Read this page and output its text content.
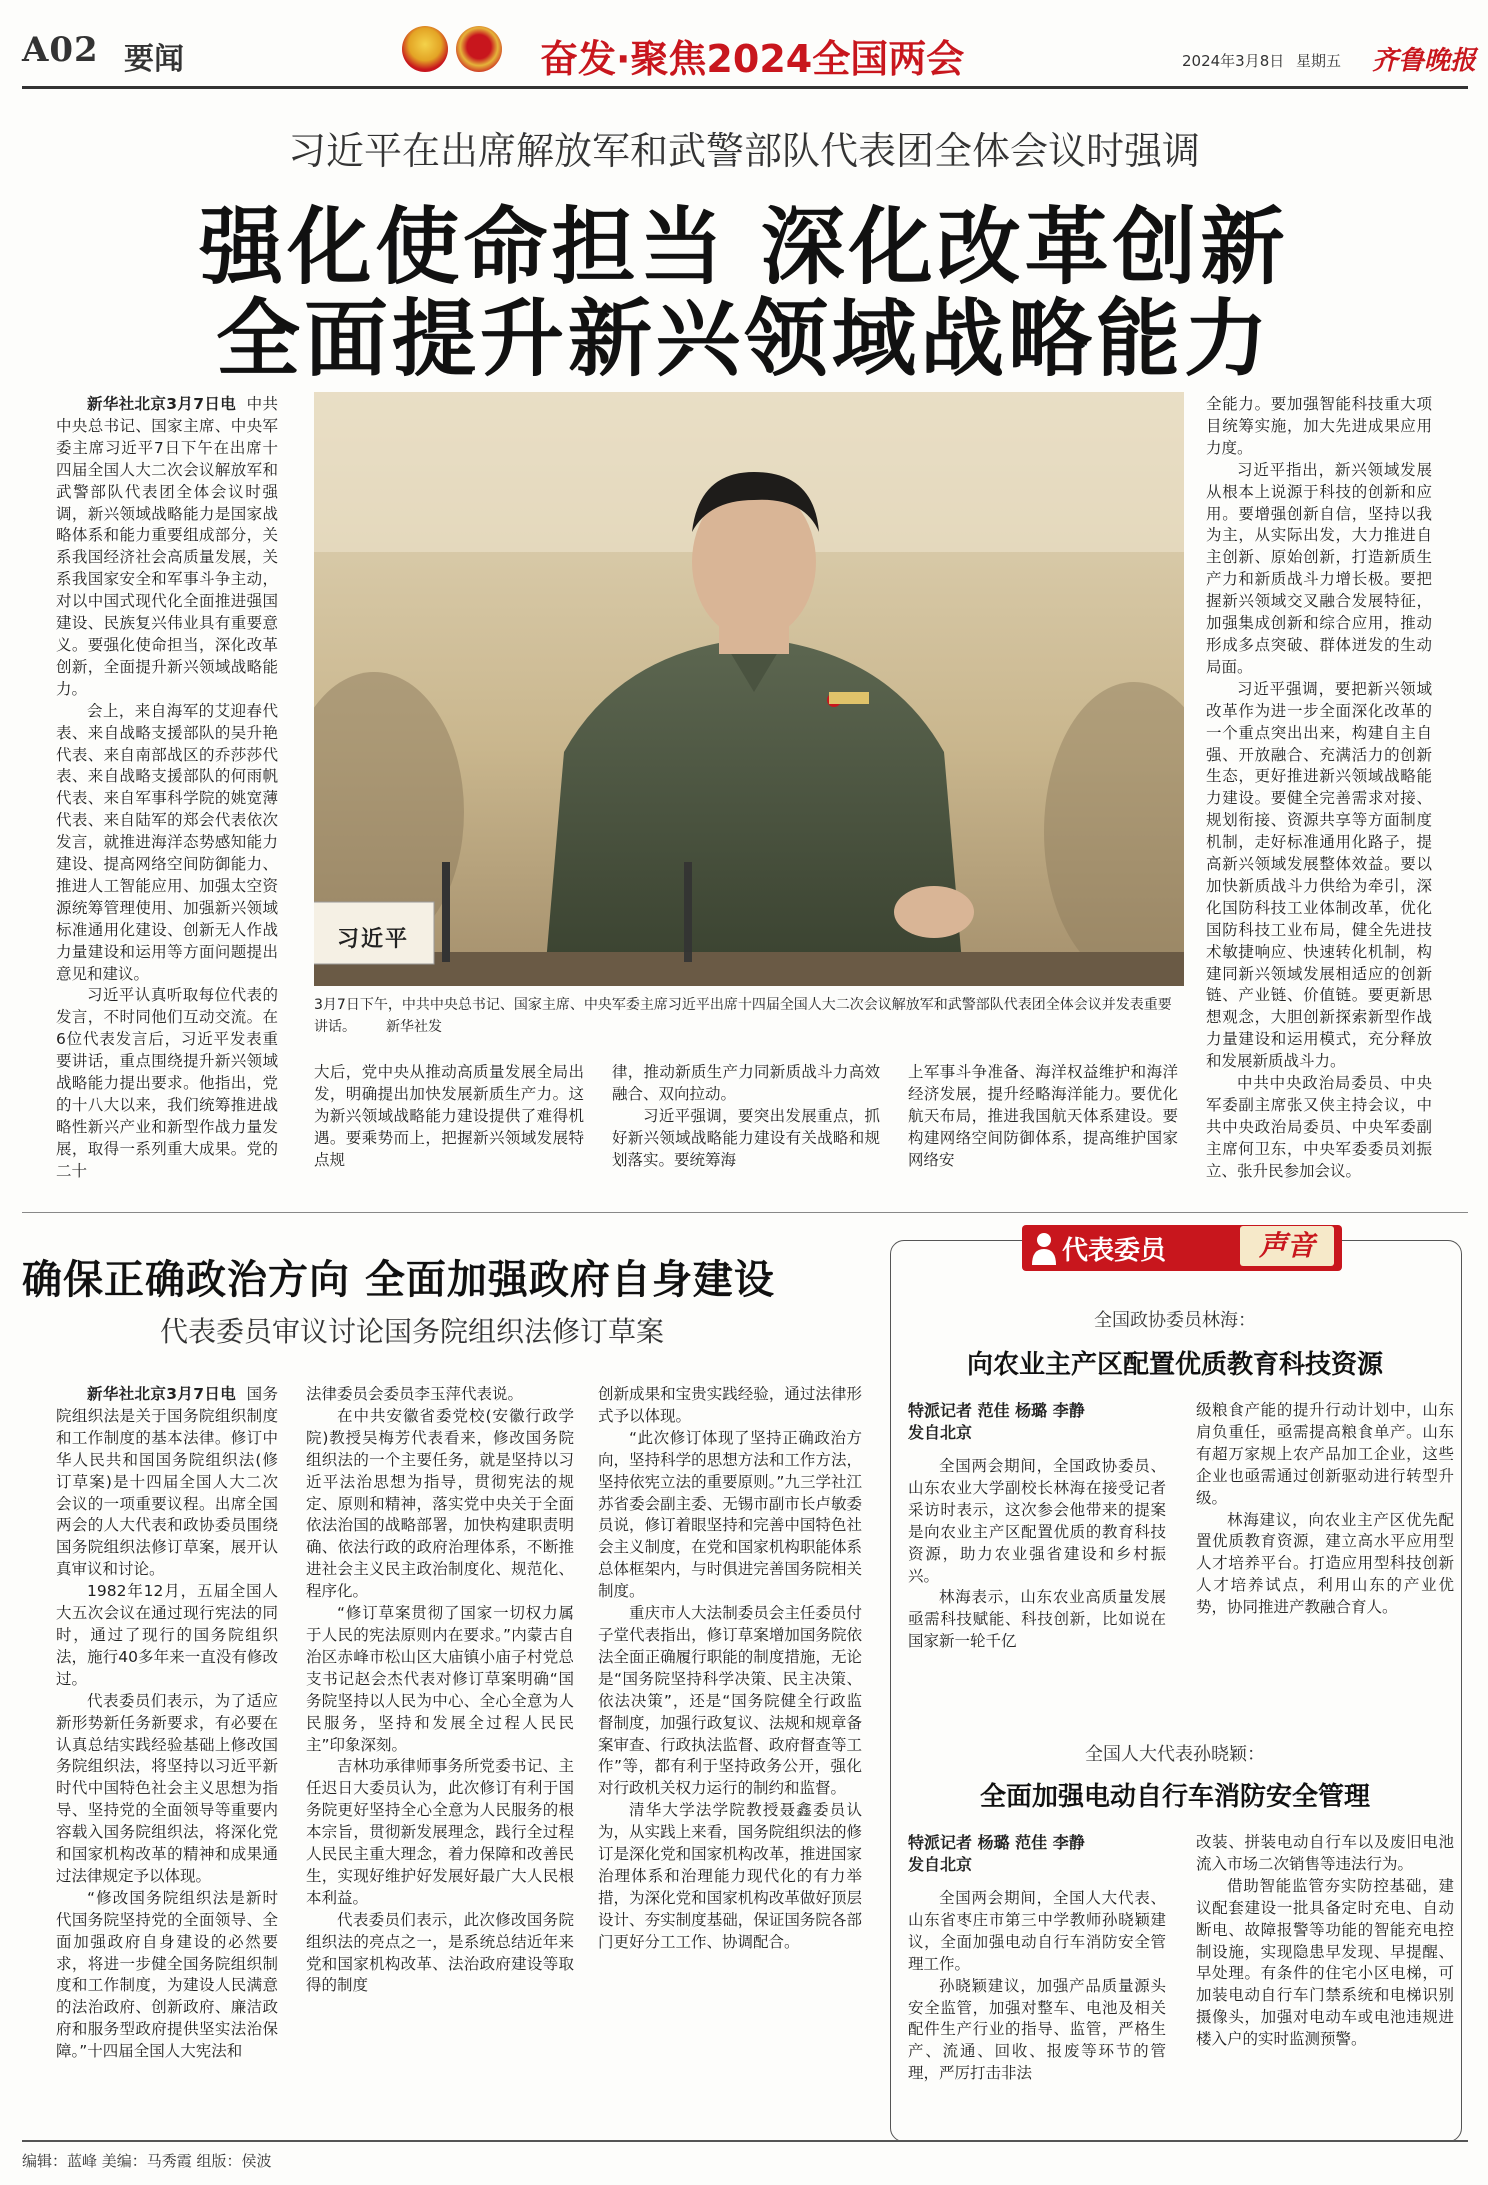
A02 要闻	奋发·聚焦2024全国两会	2024年3月8日 星期五 齐鲁晚报
习近平在出席解放军和武警部队代表团全体会议时强调
强化使命担当 深化改革创新
全面提升新兴领域战略能力

新华社北京3月7日电 中共中央总书记、国家主席、中央军委主席习近平7日下午在出席十四届全国人大二次会议解放军和武警部队代表团全体会议时强调，新兴领域战略能力是国家战略体系和能力重要组成部分，关系我国经济社会高质量发展，关系我国家安全和军事斗争主动，对以中国式现代化全面推进强国建设、民族复兴伟业具有重要意义。要强化使命担当，深化改革创新，全面提升新兴领域战略能力。

会上，来自海军的艾迎春代表、来自战略支援部队的吴升艳代表、来自南部战区的乔莎莎代表、来自战略支援部队的何雨帆代表、来自军事科学院的姚宽薄代表、来自陆军的郑会代表依次发言，就推进海洋态势感知能力建设、提高网络空间防御能力、推进人工智能应用、加强太空资源统筹管理使用、加强新兴领域标准通用化建设、创新无人作战力量建设和运用等方面问题提出意见和建议。

习近平认真听取每位代表的发言，不时同他们互动交流。在6位代表发言后，习近平发表重要讲话，重点围绕提升新兴领域战略能力提出要求。他指出，党的十八大以来，我们统筹推进战略性新兴产业和新型作战力量发展，取得一系列重大成果。党的二十

习近平
3月7日下午，中共中央总书记、国家主席、中央军委主席习近平出席十四届全国人大二次会议解放军和武警部队代表团全体会议并发表重要讲话。 新华社发

大后，党中央从推动高质量发展全局出发，明确提出加快发展新质生产力。这为新兴领域战略能力建设提供了难得机遇。要乘势而上，把握新兴领域发展特点规

律，推动新质生产力同新质战斗力高效融合、双向拉动。

习近平强调，要突出发展重点，抓好新兴领域战略能力建设有关战略和规划落实。要统筹海

上军事斗争准备、海洋权益维护和海洋经济发展，提升经略海洋能力。要优化航天布局，推进我国航天体系建设。要构建网络空间防御体系，提高维护国家网络安

全能力。要加强智能科技重大项目统筹实施，加大先进成果应用力度。

习近平指出，新兴领域发展从根本上说源于科技的创新和应用。要增强创新自信，坚持以我为主，从实际出发，大力推进自主创新、原始创新，打造新质生产力和新质战斗力增长极。要把握新兴领域交叉融合发展特征，加强集成创新和综合应用，推动形成多点突破、群体迸发的生动局面。

习近平强调，要把新兴领域改革作为进一步全面深化改革的一个重点突出出来，构建自主自强、开放融合、充满活力的创新生态，更好推进新兴领域战略能力建设。要健全完善需求对接、规划衔接、资源共享等方面制度机制，走好标准通用化路子，提高新兴领域发展整体效益。要以加快新质战斗力供给为牵引，深化国防科技工业体制改革，优化国防科技工业布局，健全先进技术敏捷响应、快速转化机制，构建同新兴领域发展相适应的创新链、产业链、价值链。要更新思想观念，大胆创新探索新型作战力量建设和运用模式，充分释放和发展新质战斗力。

中共中央政治局委员、中央军委副主席张又侠主持会议，中共中央政治局委员、中央军委副主席何卫东，中央军委委员刘振立、张升民参加会议。

确保正确政治方向 全面加强政府自身建设
代表委员审议讨论国务院组织法修订草案

新华社北京3月7日电 国务院组织法是关于国务院组织制度和工作制度的基本法律。修订中华人民共和国国务院组织法(修订草案)是十四届全国人大二次会议的一项重要议程。出席全国两会的人大代表和政协委员围绕国务院组织法修订草案，展开认真审议和讨论。

1982年12月，五届全国人大五次会议在通过现行宪法的同时，通过了现行的国务院组织法，施行40多年来一直没有修改过。

代表委员们表示，为了适应新形势新任务新要求，有必要在认真总结实践经验基础上修改国务院组织法，将坚持以习近平新时代中国特色社会主义思想为指导、坚持党的全面领导等重要内容载入国务院组织法，将深化党和国家机构改革的精神和成果通过法律规定予以体现。

“修改国务院组织法是新时代国务院坚持党的全面领导、全面加强政府自身建设的必然要求，将进一步健全国务院组织制度和工作制度，为建设人民满意的法治政府、创新政府、廉洁政府和服务型政府提供坚实法治保障。”十四届全国人大宪法和

法律委员会委员李玉萍代表说。

在中共安徽省委党校(安徽行政学院)教授吴梅芳代表看来，修改国务院组织法的一个主要任务，就是坚持以习近平法治思想为指导，贯彻宪法的规定、原则和精神，落实党中央关于全面依法治国的战略部署，加快构建职责明确、依法行政的政府治理体系，不断推进社会主义民主政治制度化、规范化、程序化。

“修订草案贯彻了国家一切权力属于人民的宪法原则内在要求。”内蒙古自治区赤峰市松山区大庙镇小庙子村党总支书记赵会杰代表对修订草案明确“国务院坚持以人民为中心、全心全意为人民服务，坚持和发展全过程人民民主”印象深刻。

吉林功承律师事务所党委书记、主任迟日大委员认为，此次修订有利于国务院更好坚持全心全意为人民服务的根本宗旨，贯彻新发展理念，践行全过程人民民主重大理念，着力保障和改善民生，实现好维护好发展好最广大人民根本利益。

代表委员们表示，此次修改国务院组织法的亮点之一，是系统总结近年来党和国家机构改革、法治政府建设等取得的制度

创新成果和宝贵实践经验，通过法律形式予以体现。

“此次修订体现了坚持正确政治方向，坚持科学的思想方法和工作方法，坚持依宪立法的重要原则。”九三学社江苏省委会副主委、无锡市副市长卢敏委员说，修订着眼坚持和完善中国特色社会主义制度，在党和国家机构职能体系总体框架内，与时俱进完善国务院相关制度。

重庆市人大法制委员会主任委员付子堂代表指出，修订草案增加国务院依法全面正确履行职能的制度措施，无论是“国务院坚持科学决策、民主决策、依法决策”，还是“国务院健全行政监督制度，加强行政复议、法规和规章备案审查、行政执法监督、政府督查等工作”等，都有利于坚持政务公开，强化对行政机关权力运行的制约和监督。

清华大学法学院教授聂鑫委员认为，从实践上来看，国务院组织法的修订是深化党和国家机构改革，推进国家治理体系和治理能力现代化的有力举措，为深化党和国家机构改革做好顶层设计、夯实制度基础，保证国务院各部门更好分工工作、协调配合。

代表委员	声音
全国政协委员林海：
向农业主产区配置优质教育科技资源
特派记者 范佳 杨璐 李静
发自北京

全国两会期间，全国政协委员、山东农业大学副校长林海在接受记者采访时表示，这次参会他带来的提案是向农业主产区配置优质的教育科技资源，助力农业强省建设和乡村振兴。

林海表示，山东农业高质量发展亟需科技赋能、科技创新，比如说在国家新一轮千亿

级粮食产能的提升行动计划中，山东肩负重任，亟需提高粮食单产。山东有超万家规上农产品加工企业，这些企业也亟需通过创新驱动进行转型升级。

林海建议，向农业主产区优先配置优质教育资源，建立高水平应用型人才培养平台。打造应用型科技创新人才培养试点，利用山东的产业优势，协同推进产教融合育人。

全国人大代表孙晓颖：
全面加强电动自行车消防安全管理
特派记者 杨璐 范佳 李静
发自北京

全国两会期间，全国人大代表、山东省枣庄市第三中学教师孙晓颖建议，全面加强电动自行车消防安全管理工作。

孙晓颖建议，加强产品质量源头安全监管，加强对整车、电池及相关配件生产行业的指导、监管，严格生产、流通、回收、报废等环节的管理，严厉打击非法

改装、拼装电动自行车以及废旧电池流入市场二次销售等违法行为。

借助智能监管夯实防控基础，建议配套建设一批具备定时充电、自动断电、故障报警等功能的智能充电控制设施，实现隐患早发现、早提醒、早处理。有条件的住宅小区电梯，可加装电动自行车门禁系统和电梯识别摄像头，加强对电动车或电池违规进楼入户的实时监测预警。

编辑：蓝峰 美编：马秀霞 组版：侯波
